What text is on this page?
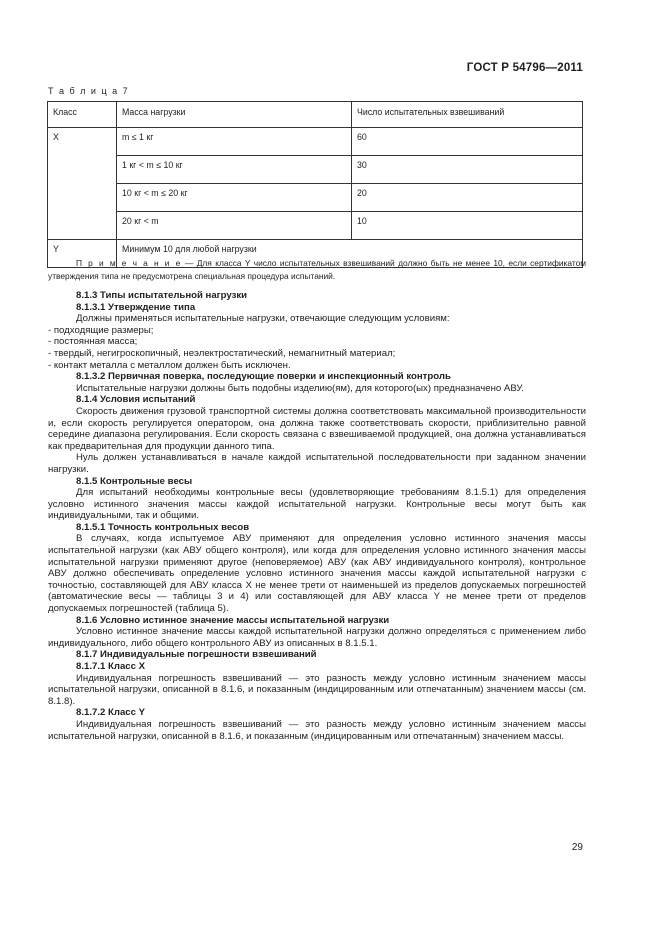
ГОСТ Р 54796—2011
Т а б л и ц а 7
Класс	Масса нагрузки	Число испытательных взвешиваний
X	m ≤ 1 кг	60
	1 кг < m ≤ 10 кг	30
	10 кг < m ≤ 20 кг	20
	20 кг < m	10
Y	Минимум 10 для любой нагрузки	
П р и м е ч а н и е — Для класса Y число испытательных взвешиваний должно быть не менее 10, если сертификатом утверждения типа не предусмотрена специальная процедура испытаний.

8.1.3 Типы испытательной нагрузки

8.1.3.1 Утверждение типа

Должны применяться испытательные нагрузки, отвечающие следующим условиям:

- подходящие размеры;

- постоянная масса;

- твердый, негигроскопичный, неэлектростатический, немагнитный материал;

- контакт металла с металлом должен быть исключен.

8.1.3.2 Первичная поверка, последующие поверки и инспекционный контроль

Испытательные нагрузки должны быть подобны изделию(ям), для которого(ых) предназначено АВУ.

8.1.4 Условия испытаний

Скорость движения грузовой транспортной системы должна соответствовать максимальной производительности и, если скорость регулируется оператором, она должна также соответствовать скорости, приблизительно равной середине диапазона регулирования. Если скорость связана с взвешиваемой продукцией, она должна устанавливаться как предварительная для продукции данного типа.

Нуль должен устанавливаться в начале каждой испытательной последовательности при заданном значении нагрузки.

8.1.5 Контрольные весы

Для испытаний необходимы контрольные весы (удовлетворяющие требованиям 8.1.5.1) для определения условно истинного значения массы каждой испытательной нагрузки. Контрольные весы могут быть как индивидуальными, так и общими.

8.1.5.1 Точность контрольных весов

В случаях, когда испытуемое АВУ применяют для определения условно истинного значения массы испытательной нагрузки (как АВУ общего контроля), или когда для определения условно истинного значения массы испытательной нагрузки применяют другое (неповеряемое) АВУ (как АВУ индивидуального контроля), контрольное АВУ должно обеспечивать определение условно истинного значения массы каждой испытательной нагрузки с точностью, составляющей для АВУ класса X не менее трети от наименьшей из пределов допускаемых погрешностей (автоматические весы — таблицы 3 и 4) или составляющей для АВУ класса Y не менее трети от пределов допускаемых погрешностей (таблица 5).

8.1.6 Условно истинное значение массы испытательной нагрузки

Условно истинное значение массы каждой испытательной нагрузки должно определяться с применением либо индивидуального, либо общего контрольного АВУ из описанных в 8.1.5.1.

8.1.7 Индивидуальные погрешности взвешиваний

8.1.7.1 Класс X

Индивидуальная погрешность взвешиваний — это разность между условно истинным значением массы испытательной нагрузки, описанной в 8.1.6, и показанным (индицированным или отпечатанным) значением массы (см. 8.1.8).

8.1.7.2 Класс Y

Индивидуальная погрешность взвешиваний — это разность между условно истинным значением массы испытательной нагрузки, описанной в 8.1.6, и показанным (индицированным или отпечатанным) значением массы.

29
